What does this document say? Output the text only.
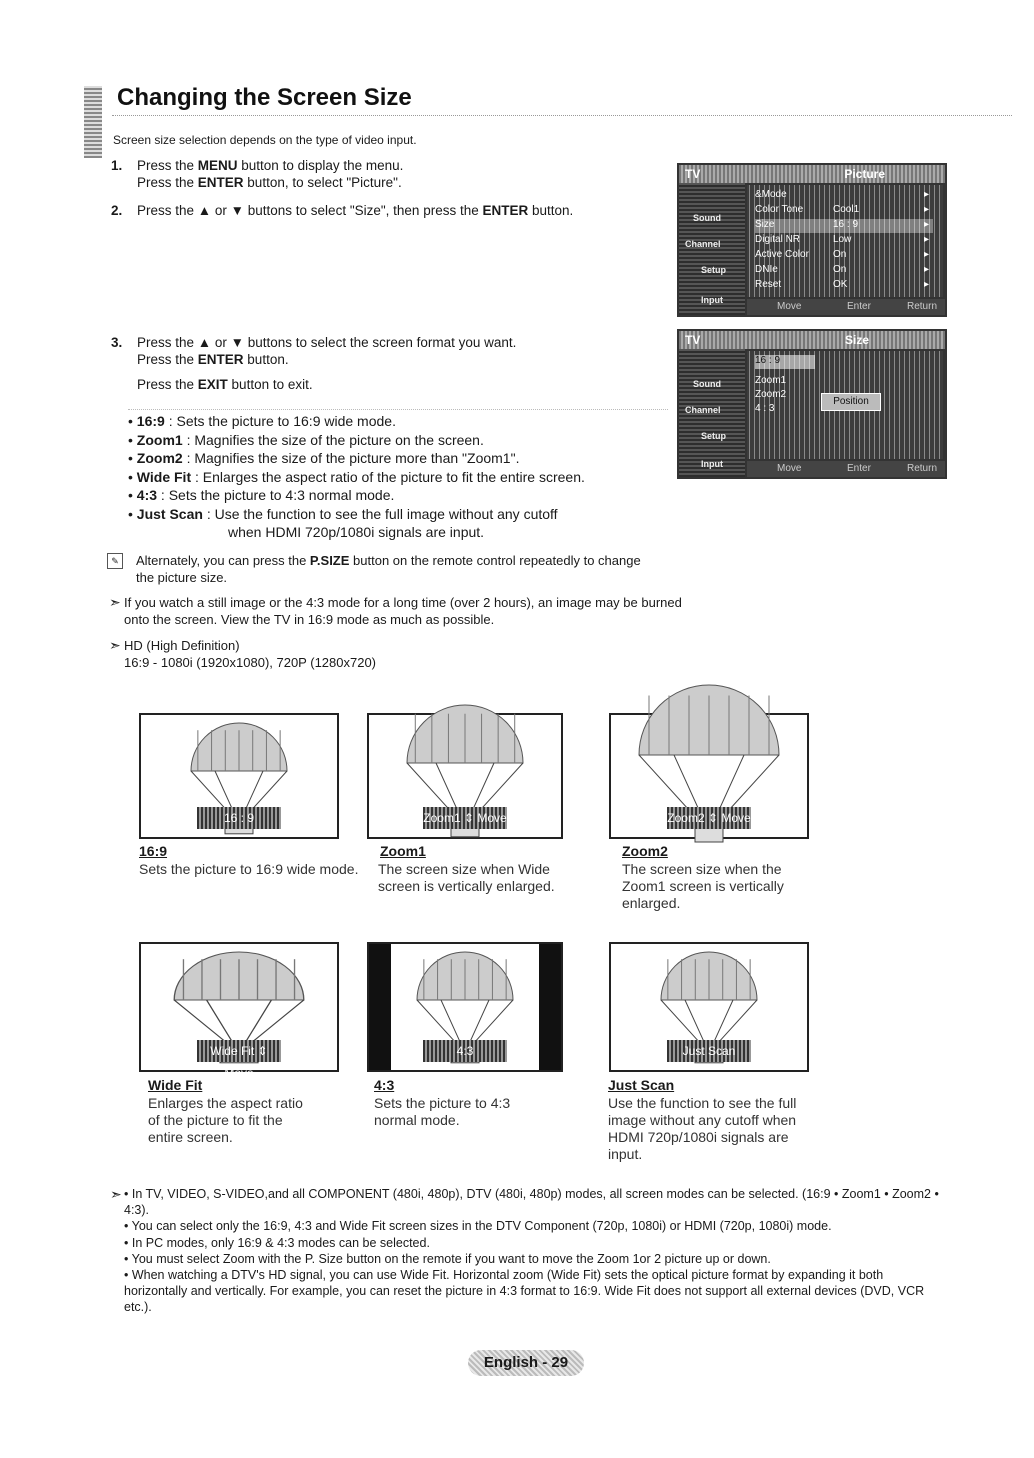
Changing the Screen Size
Screen size selection depends on the type of video input.
1. Press the MENU button to display the menu.
Press the ENTER button, to select "Picture".
2. Press the ▲ or ▼ buttons to select "Size", then press the ENTER button.
3. Press the ▲ or ▼ buttons to select the screen format you want.
Press the ENTER button.
Press the EXIT button to exit.
TV	Picture
Sound
Channel
Setup
Input
&Mode	▸
Color Tone	Cool1	▸
Size	16 : 9	▸
Digital NR	Low	▸
Active Color On	▸
DNIe	On	▸
Reset	OK	▸
Move	Enter	Return
TV	Size
Sound
Channel
Setup
Input
16 : 9
Zoom1
Zoom2
4 : 3
Position
Move	Enter	Return
• 16:9 : Sets the picture to 16:9 wide mode.
• Zoom1 : Magnifies the size of the picture on the screen.
• Zoom2 : Magnifies the size of the picture more than "Zoom1".
• Wide Fit : Enlarges the aspect ratio of the picture to fit the entire screen.
• 4:3 : Sets the picture to 4:3 normal mode.
• Just Scan : Use the function to see the full image without any cutoff
when HDMI 720p/1080i signals are input.
✎	Alternately, you can press the P.SIZE button on the remote control repeatedly to change the picture size.
➣ If you watch a still image or the 4:3 mode for a long time (over 2 hours), an image may be burned onto the screen. View the TV in 16:9 mode as much as possible.
➣ HD (High Definition)
16:9 - 1080i (1920x1080), 720P (1280x720)
16 : 9
16:9
Sets the picture to 16:9 wide mode.
Zoom1 ⇕ Move
Zoom1
The screen size when Wide screen is vertically enlarged.
Zoom2 ⇕ Move
Zoom2
The screen size when the Zoom1 screen is vertically enlarged.
Wide Fit ⇕ Move
Wide Fit
Enlarges the aspect ratio of the picture to fit the entire screen.
4:3
4:3
Sets the picture to 4:3 normal mode.
Just Scan
Just Scan
Use the function to see the full image without any cutoff when HDMI 720p/1080i signals are input.
➣ • In TV, VIDEO, S-VIDEO,and all COMPONENT (480i, 480p), DTV (480i, 480p) modes, all screen modes can be selected. (16:9 • Zoom1 • Zoom2 • 4:3).
• You can select only the 16:9, 4:3 and Wide Fit screen sizes in the DTV Component (720p, 1080i) or HDMI (720p, 1080i) mode.
• In PC modes, only 16:9 & 4:3 modes can be selected.
• You must select Zoom with the P. Size button on the remote if you want to move the Zoom 1or 2 picture up or down.
• When watching a DTV's HD signal, you can use Wide Fit. Horizontal zoom (Wide Fit) sets the optical picture format by expanding it both horizontally and vertically. For example, you can reset the picture in 4:3 format to 16:9. Wide Fit does not support all external devices (DVD, VCR etc.).
English - 29
